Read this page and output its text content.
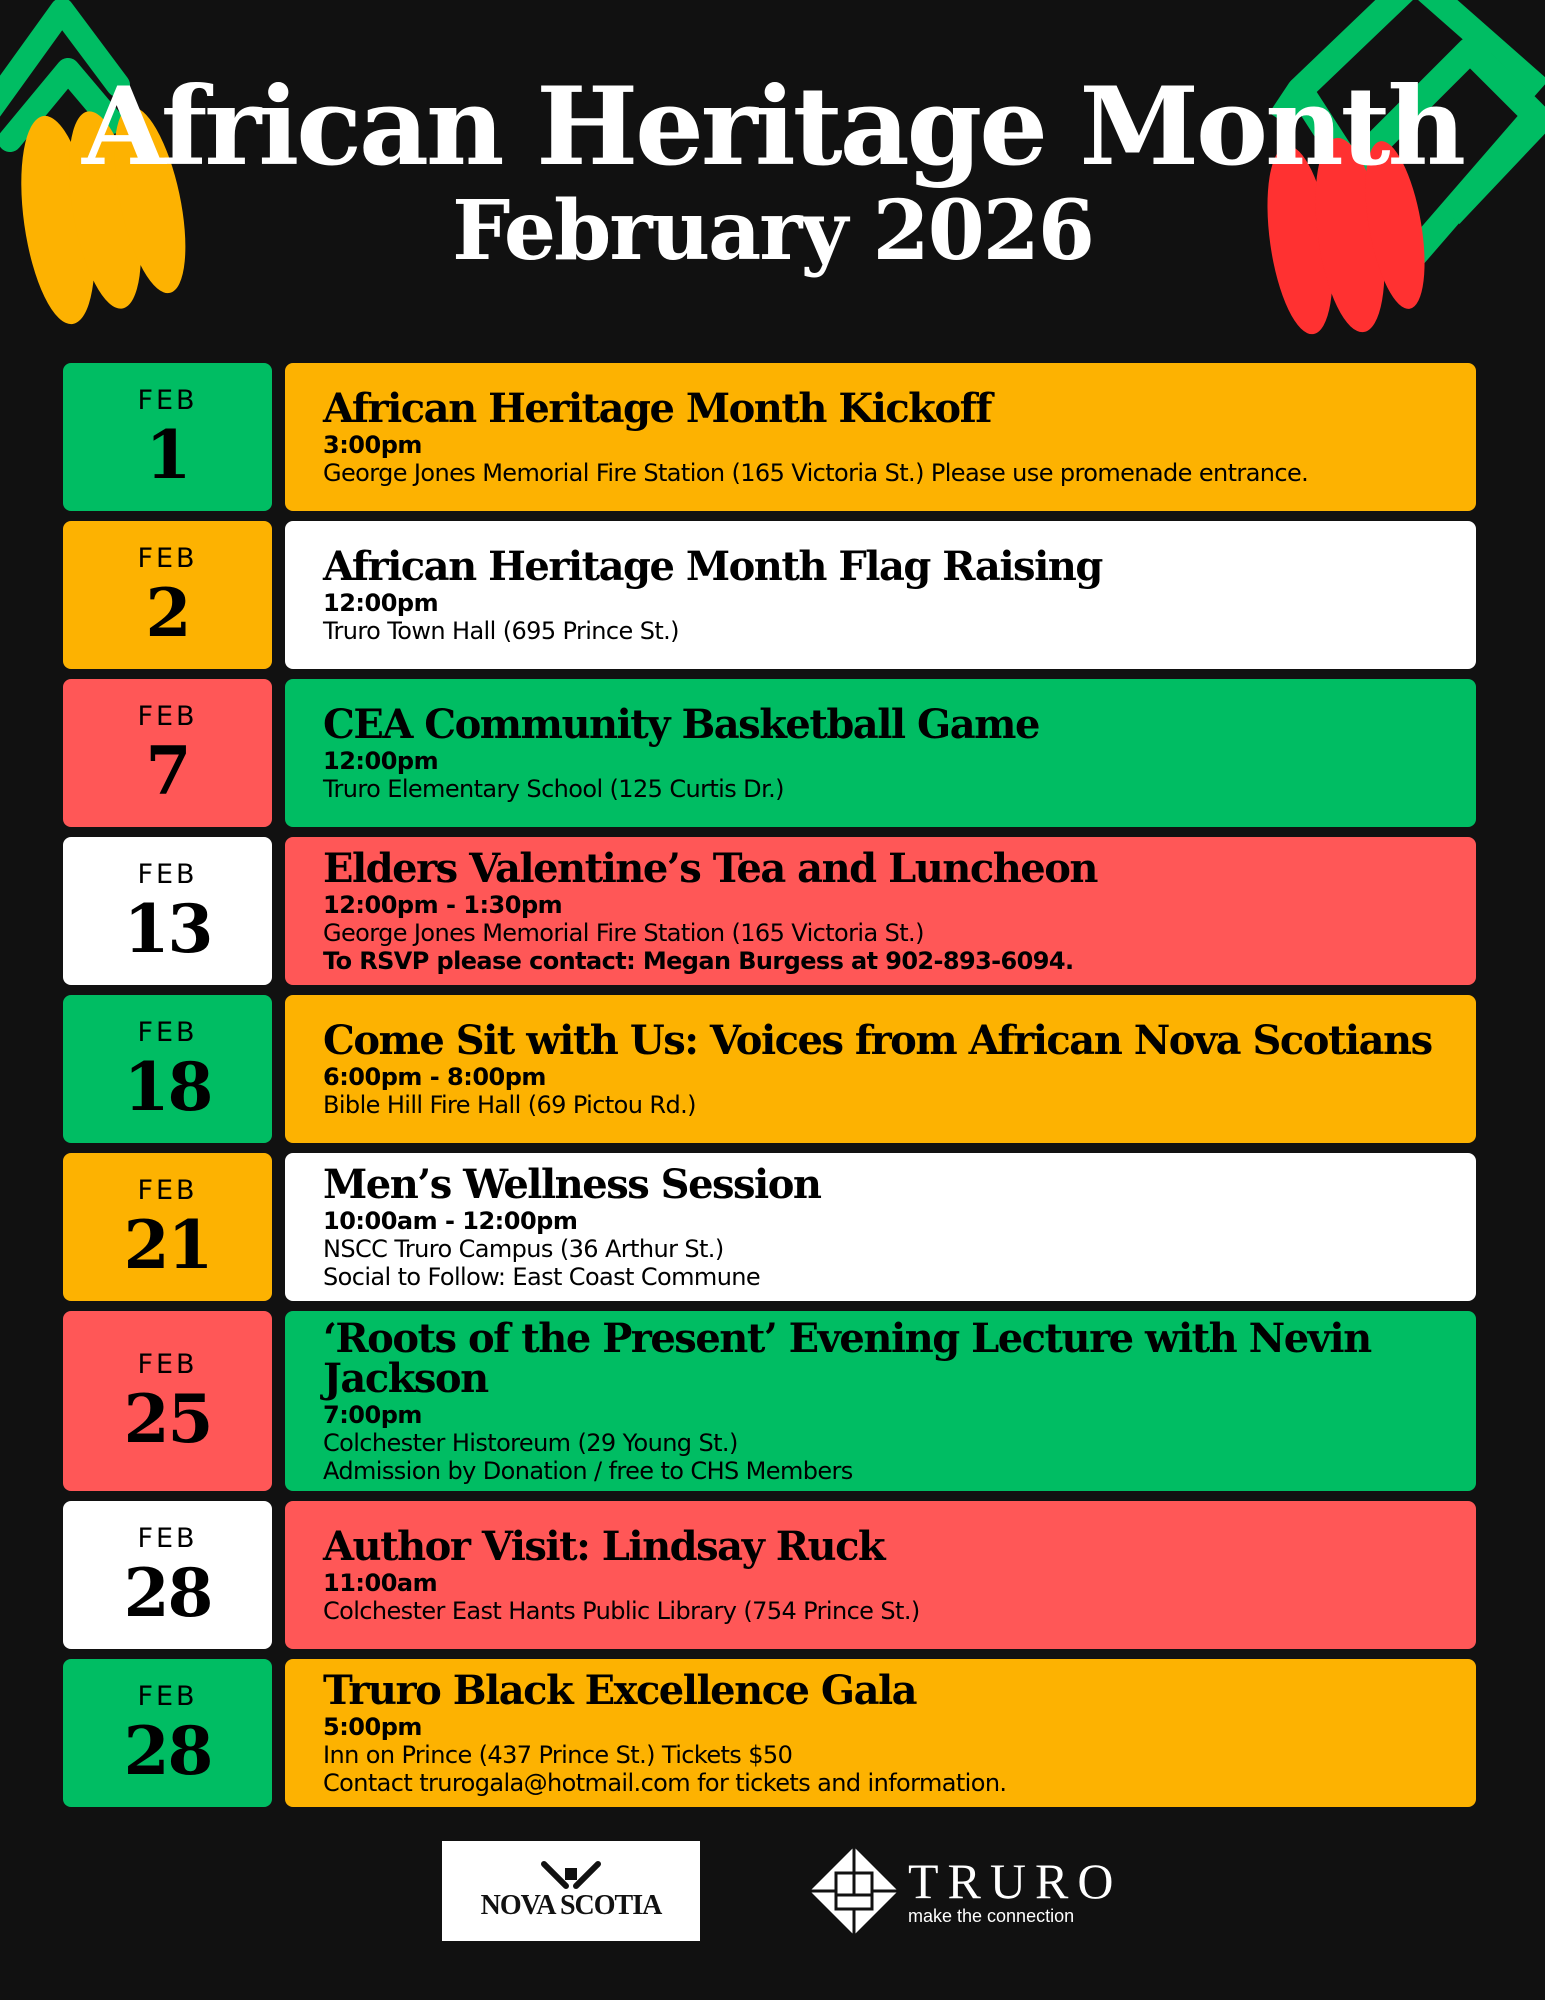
African Heritage Month

February 2026

FEB
1
African Heritage Month Kickoff
3:00pm
George Jones Memorial Fire Station (165 Victoria St.) Please use promenade entrance.
FEB
2
African Heritage Month Flag Raising
12:00pm
Truro Town Hall (695 Prince St.)
FEB
7
CEA Community Basketball Game
12:00pm
Truro Elementary School (125 Curtis Dr.)
FEB
13
Elders Valentine’s Tea and Luncheon
12:00pm - 1:30pm
George Jones Memorial Fire Station (165 Victoria St.)
To RSVP please contact: Megan Burgess at 902-893-6094.
FEB
18
Come Sit with Us: Voices from African Nova Scotians
6:00pm - 8:00pm
Bible Hill Fire Hall (69 Pictou Rd.)
FEB
21
Men’s Wellness Session
10:00am - 12:00pm
NSCC Truro Campus (36 Arthur St.)
Social to Follow: East Coast Commune
FEB
25
‘Roots of the Present’ Evening Lecture with Nevin Jackson
7:00pm
Colchester Historeum (29 Young St.)
Admission by Donation / free to CHS Members
FEB
28
Author Visit: Lindsay Ruck
11:00am
Colchester East Hants Public Library (754 Prince St.)
FEB
28
Truro Black Excellence Gala
5:00pm
Inn on Prince (437 Prince St.) Tickets $50
Contact trurogala@hotmail.com for tickets and information.
NOVA SCOTIA	TRURO
make the connection
